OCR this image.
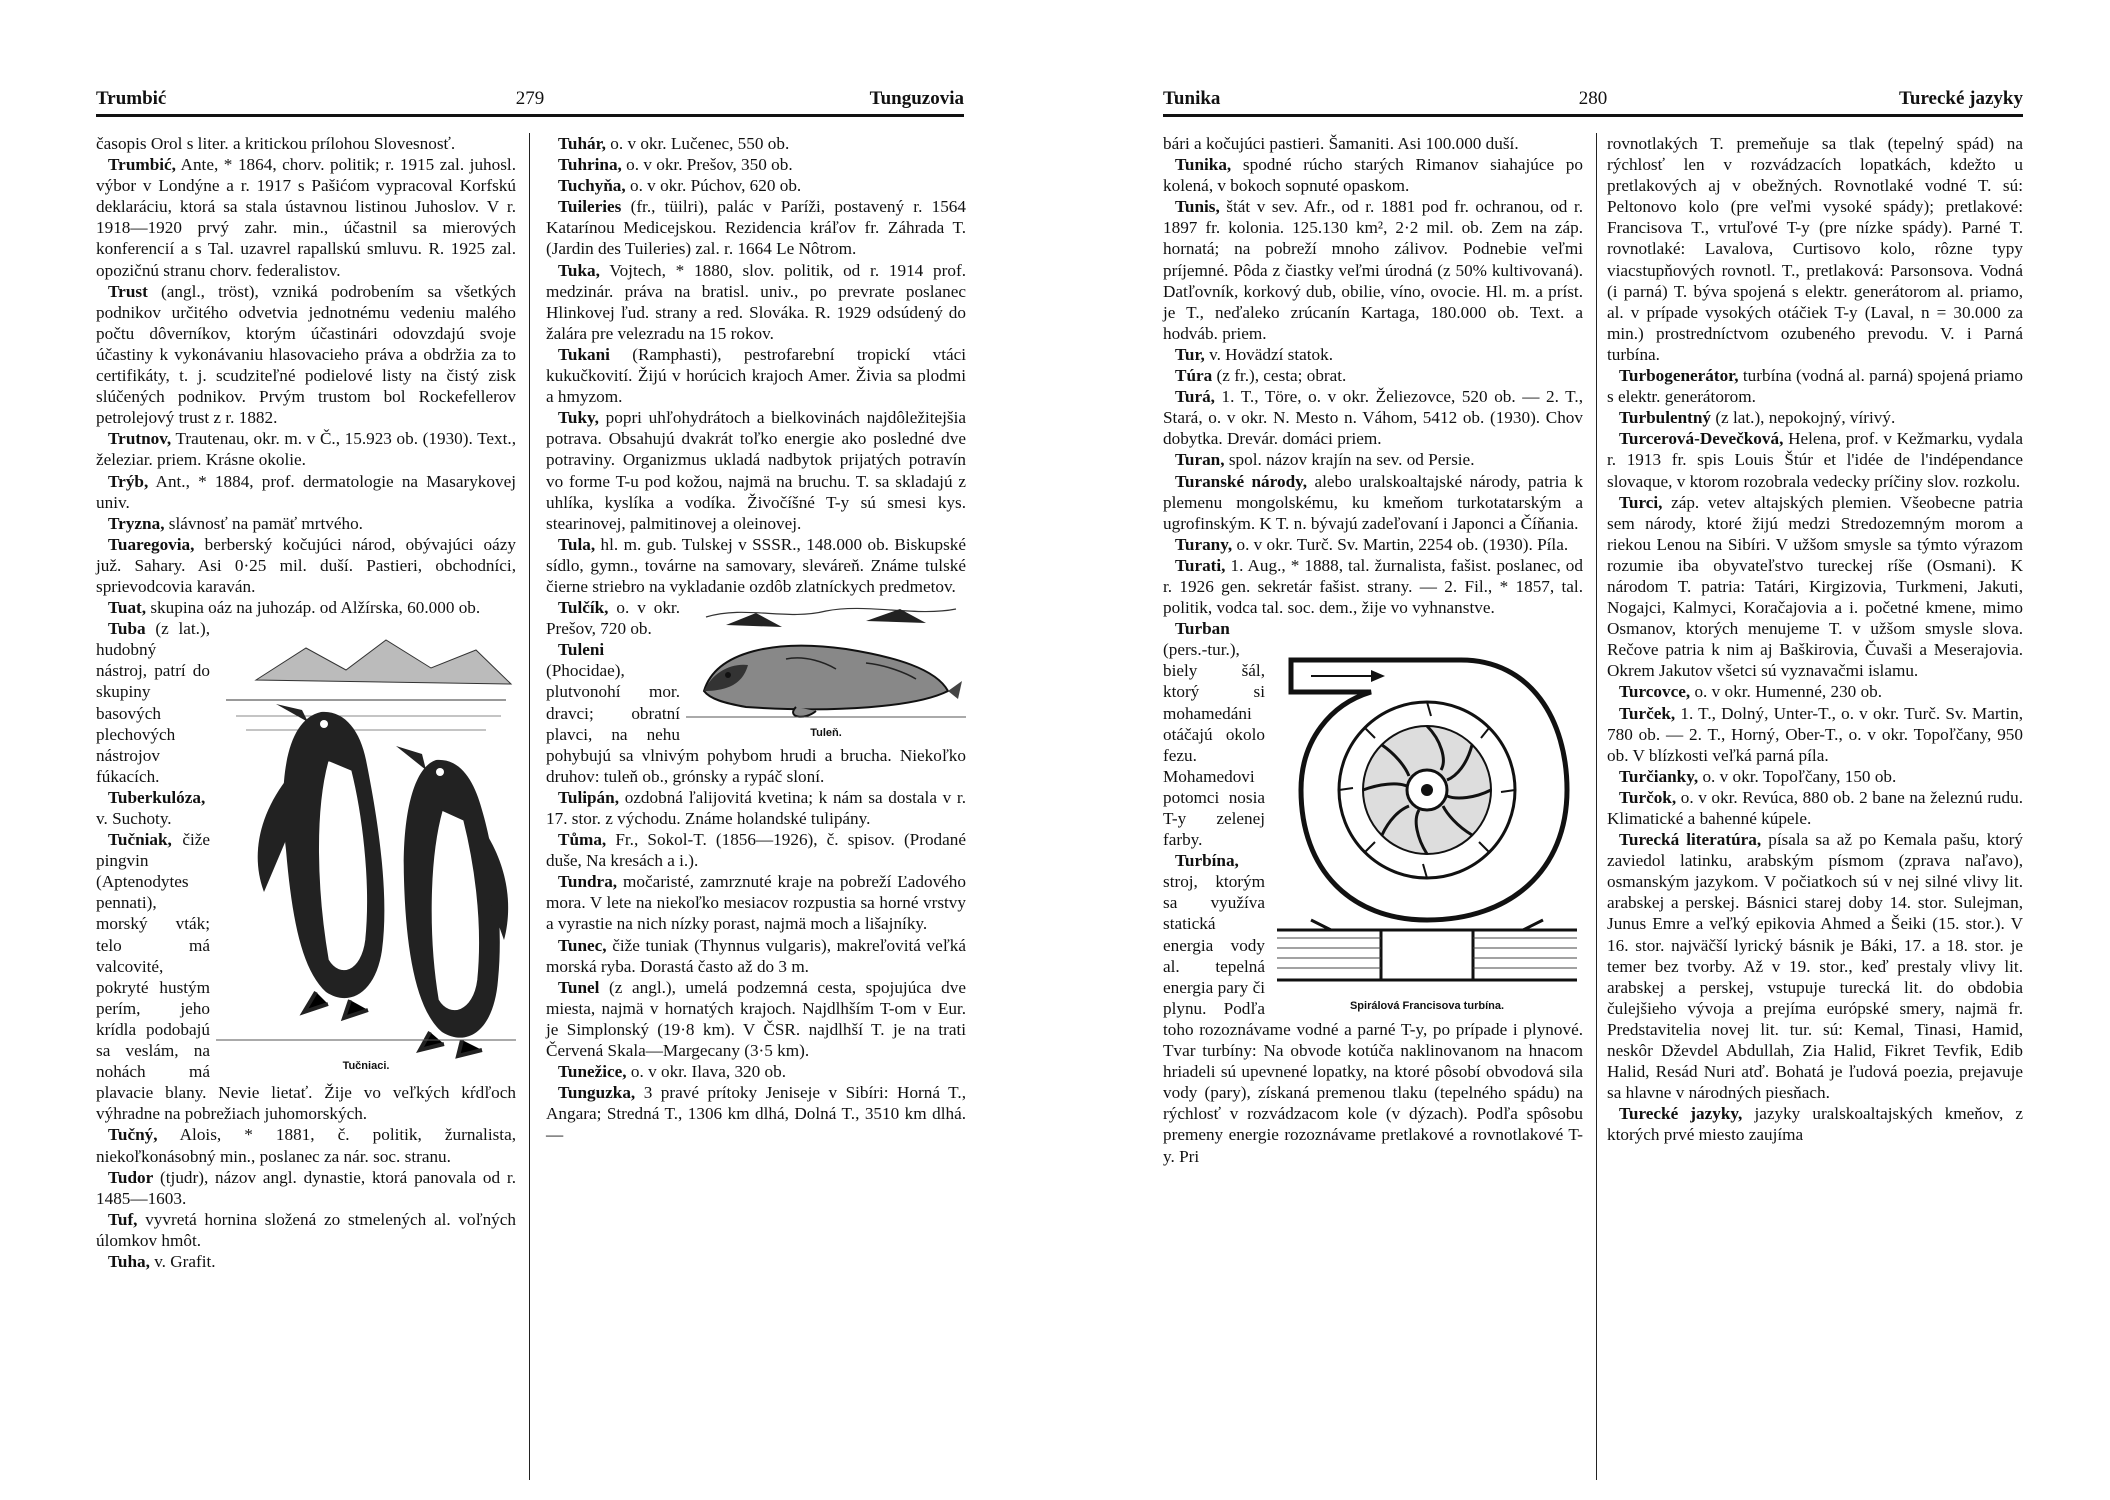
Trumbić	279	Tunguzovia

časopis Orol s liter. a kritickou prílohou Slovesnosť.

Trumbić, Ante, * 1864, chorv. politik; r. 1915 zal. juhosl. výbor v Londýne a r. 1917 s Pašićom vypracoval Korfskú deklaráciu, ktorá sa stala ústavnou listinou Juhoslov. V r. 1918—1920 prvý zahr. min., účastnil sa mierových konferencií a s Tal. uzavrel rapallskú smluvu. R. 1925 zal. opozičnú stranu chorv. federalistov.

Trust (angl., tröst), vzniká podrobením sa všetkých podnikov určitého odvetvia jednotnému vedeniu malého počtu dôverníkov, ktorým účastinári odovzdajú svoje účastiny k vykonávaniu hlasovacieho práva a obdržia za to certifikáty, t. j. scudziteľné podielové listy na čistý zisk slúčených podnikov. Prvým trustom bol Rockefellerov petrolejový trust z r. 1882.

Trutnov, Trautenau, okr. m. v Č., 15.923 ob. (1930). Text., železiar. priem. Krásne okolie.

Trýb, Ant., * 1884, prof. dermatologie na Masarykovej univ.

Tryzna, slávnosť na pamäť mrtvého.

Tuaregovia, berberský kočujúci národ, obývajúci oázy juž. Sahary. Asi 0·25 mil. duší. Pastieri, obchodníci, sprievodcovia karaván.

Tuat, skupina oáz na juhozáp. od Alžírska, 60.000 ob.

Tučniaci.

Tuba (z lat.), hudobný nástroj, patrí do skupiny basových plechových nástrojov fúkacích.

Tuberkulóza, v. Suchoty.

Tučniak, čiže pingvin (Aptenodytes pennati), morský vták; telo má valcovité, pokryté hustým perím, jeho krídla podobajú sa veslám, na nohách má plavacie blany. Nevie lietať. Žije vo veľkých kŕdľoch výhradne na pobrežiach juhomorských.

Tučný, Alois, * 1881, č. politik, žurnalista, niekoľkonásobný min., poslanec za nár. soc. stranu.

Tudor (tjudr), názov angl. dynastie, ktorá panovala od r. 1485—1603.

Tuf, vyvretá hornina složená zo stmelených al. voľných úlomkov hmôt.

Tuha, v. Grafit.

Tuhár, o. v okr. Lučenec, 550 ob.

Tuhrina, o. v okr. Prešov, 350 ob.

Tuchyňa, o. v okr. Púchov, 620 ob.

Tuileries (fr., tüilri), palác v Paríži, postavený r. 1564 Katarínou Medicejskou. Rezidencia kráľov fr. Záhrada T. (Jardin des Tuileries) zal. r. 1664 Le Nôtrom.

Tuka, Vojtech, * 1880, slov. politik, od r. 1914 prof. medzinár. práva na bratisl. univ., po prevrate poslanec Hlinkovej ľud. strany a red. Slováka. R. 1929 odsúdený do žalára pre velezradu na 15 rokov.

Tukani (Ramphasti), pestrofarební tropickí vtáci kukučkovití. Žijú v horúcich krajoch Amer. Živia sa plodmi a hmyzom.

Tuky, popri uhľohydrátoch a bielkovinách najdôležitejšia potrava. Obsahujú dvakrát toľko energie ako posledné dve potraviny. Organizmus ukladá nadbytok prijatých potravín vo forme T-u pod kožou, najmä na bruchu. T. sa skladajú z uhlíka, kyslíka a vodíka. Živočíšné T-y sú smesi kys. stearinovej, palmitinovej a oleinovej.

Tula, hl. m. gub. Tulskej v SSSR., 148.000 ob. Biskupské sídlo, gymn., továrne na samovary, sleváreň. Známe tulské čierne striebro na vykladanie ozdôb zlatníckych predmetov.

Tuleň.

Tulčík, o. v okr. Prešov, 720 ob.

Tuleni (Phocidae), plutvonohí mor. dravci; obratní plavci, na nehu pohybujú sa vlnivým pohybom hrudi a brucha. Niekoľko druhov: tuleň ob., grónsky a rypáč sloní.

Tulipán, ozdobná ľalijovitá kvetina; k nám sa dostala v r. 17. stor. z východu. Známe holandské tulipány.

Tůma, Fr., Sokol-T. (1856—1926), č. spisov. (Prodané duše, Na kresách a i.).

Tundra, močaristé, zamrznuté kraje na pobreží Ľadového mora. V lete na niekoľko mesiacov rozpustia sa horné vrstvy a vyrastie na nich nízky porast, najmä moch a lišajníky.

Tunec, čiže tuniak (Thynnus vulgaris), makreľovitá veľká morská ryba. Dorastá často až do 3 m.

Tunel (z angl.), umelá podzemná cesta, spojujúca dve miesta, najmä v hornatých krajoch. Najdlhším T-om v Eur. je Simplonský (19·8 km). V ČSR. najdlhší T. je na trati Červená Skala—Margecany (3·5 km).

Tunežice, o. v okr. Ilava, 320 ob.

Tunguzka, 3 pravé prítoky Jeniseje v Sibíri: Horná T., Angara; Stredná T., 1306 km dlhá, Dolná T., 3510 km dlhá. —

Tunika	280	Turecké jazyky

bári a kočujúci pastieri. Šamaniti. Asi 100.000 duší.

Tunika, spodné rúcho starých Rimanov siahajúce po kolená, v bokoch sopnuté opaskom.

Tunis, štát v sev. Afr., od r. 1881 pod fr. ochranou, od r. 1897 fr. kolonia. 125.130 km², 2·2 mil. ob. Zem na záp. hornatá; na pobreží mnoho zálivov. Podnebie veľmi príjemné. Pôda z čiastky veľmi úrodná (z 50% kultivovaná). Datľovník, korkový dub, obilie, víno, ovocie. Hl. m. a príst. je T., neďaleko zrúcanín Kartaga, 180.000 ob. Text. a hodváb. priem.

Tur, v. Hovädzí statok.

Túra (z fr.), cesta; obrat.

Turá, 1. T., Töre, o. v okr. Želiezovce, 520 ob. — 2. T., Stará, o. v okr. N. Mesto n. Váhom, 5412 ob. (1930). Chov dobytka. Drevár. domáci priem.

Turan, spol. názov krajín na sev. od Persie.

Turanské národy, alebo uralskoaltajské národy, patria k plemenu mongolskému, ku kmeňom turkotatarským a ugrofinským. K T. n. bývajú zadeľovaní i Japonci a Číňania.

Turany, o. v okr. Turč. Sv. Martin, 2254 ob. (1930). Píla.

Turati, 1. Aug., * 1888, tal. žurnalista, fašist. poslanec, od r. 1926 gen. sekretár fašist. strany. — 2. Fil., * 1857, tal. politik, vodca tal. soc. dem., žije vo vyhnanstve.

Spirálová Francisova turbína.

Turban (pers.-tur.), biely šál, ktorý si mohamedáni otáčajú okolo fezu. Mohamedovi potomci nosia T-y zelenej farby.

Turbína, stroj, ktorým sa využíva statická energia vody al. tepelná energia pary či plynu. Podľa toho rozoznávame vodné a parné T-y, po prípade i plynové. Tvar turbíny: Na obvode kotúča naklinovanom na hnacom hriadeli sú upevnené lopatky, na ktoré pôsobí obvodová sila vody (pary), získaná premenou tlaku (tepelného spádu) na rýchlosť v rozvádzacom kole (v dýzach). Podľa spôsobu premeny energie rozoznávame pretlakové a rovnotlakové T-y. Pri

rovnotlakých T. premeňuje sa tlak (tepelný spád) na rýchlosť len v rozvádzacích lopatkách, kdežto u pretlakových aj v obežných. Rovnotlaké vodné T. sú: Peltonovo kolo (pre veľmi vysoké spády); pretlakové: Francisova T., vrtuľové T-y (pre nízke spády). Parné T. rovnotlaké: Lavalova, Curtisovo kolo, rôzne typy viacstupňových rovnotl. T., pretlaková: Parsonsova. Vodná (i parná) T. býva spojená s elektr. generátorom al. priamo, al. v prípade vysokých otáčiek T-y (Laval, n = 30.000 za min.) prostredníctvom ozubeného prevodu. V. i Parná turbína.

Turbogenerátor, turbína (vodná al. parná) spojená priamo s elektr. generátorom.

Turbulentný (z lat.), nepokojný, vírivý.

Turcerová-Devečková, Helena, prof. v Kežmarku, vydala r. 1913 fr. spis Louis Štúr et l'idée de l'indépendance slovaque, v ktorom rozobrala vedecky príčiny slov. rozkolu.

Turci, záp. vetev altajských plemien. Všeobecne patria sem národy, ktoré žijú medzi Stredozemným morom a riekou Lenou na Sibíri. V užšom smysle sa týmto výrazom rozumie iba obyvateľstvo tureckej ríše (Osmani). K národom T. patria: Tatári, Kirgizovia, Turkmeni, Jakuti, Nogajci, Kalmyci, Koračajovia a i. početné kmene, mimo Osmanov, ktorých menujeme T. v užšom smysle slova. Rečove patria k nim aj Baškirovia, Čuvaši a Meserajovia. Okrem Jakutov všetci sú vyznavačmi islamu.

Turcovce, o. v okr. Humenné, 230 ob.

Turček, 1. T., Dolný, Unter-T., o. v okr. Turč. Sv. Martin, 780 ob. — 2. T., Horný, Ober-T., o. v okr. Topoľčany, 950 ob. V blízkosti veľká parná píla.

Turčianky, o. v okr. Topoľčany, 150 ob.

Turčok, o. v okr. Revúca, 880 ob. 2 bane na železnú rudu. Klimatické a bahenné kúpele.

Turecká literatúra, písala sa až po Kemala pašu, ktorý zaviedol latinku, arabským písmom (zprava naľavo), osmanským jazykom. V počiatkoch sú v nej silné vlivy lit. arabskej a perskej. Básnici starej doby 14. stor. Sulejman, Junus Emre a veľký epikovia Ahmed a Šeiki (15. stor.). V 16. stor. najväčší lyrický básnik je Báki, 17. a 18. stor. je temer bez tvorby. Až v 19. stor., keď prestaly vlivy lit. arabskej a perskej, vstupuje turecká lit. do obdobia čulejšieho vývoja a prejíma európské smery, najmä fr. Predstavitelia novej lit. tur. sú: Kemal, Tinasi, Hamid, neskôr Dževdel Abdullah, Zia Halid, Fikret Tevfik, Edib Halid, Resád Nuri atď. Bohatá je ľudová poezia, prejavuje sa hlavne v národných piesňach.

Turecké jazyky, jazyky uralskoaltajských kmeňov, z ktorých prvé miesto zaujíma
